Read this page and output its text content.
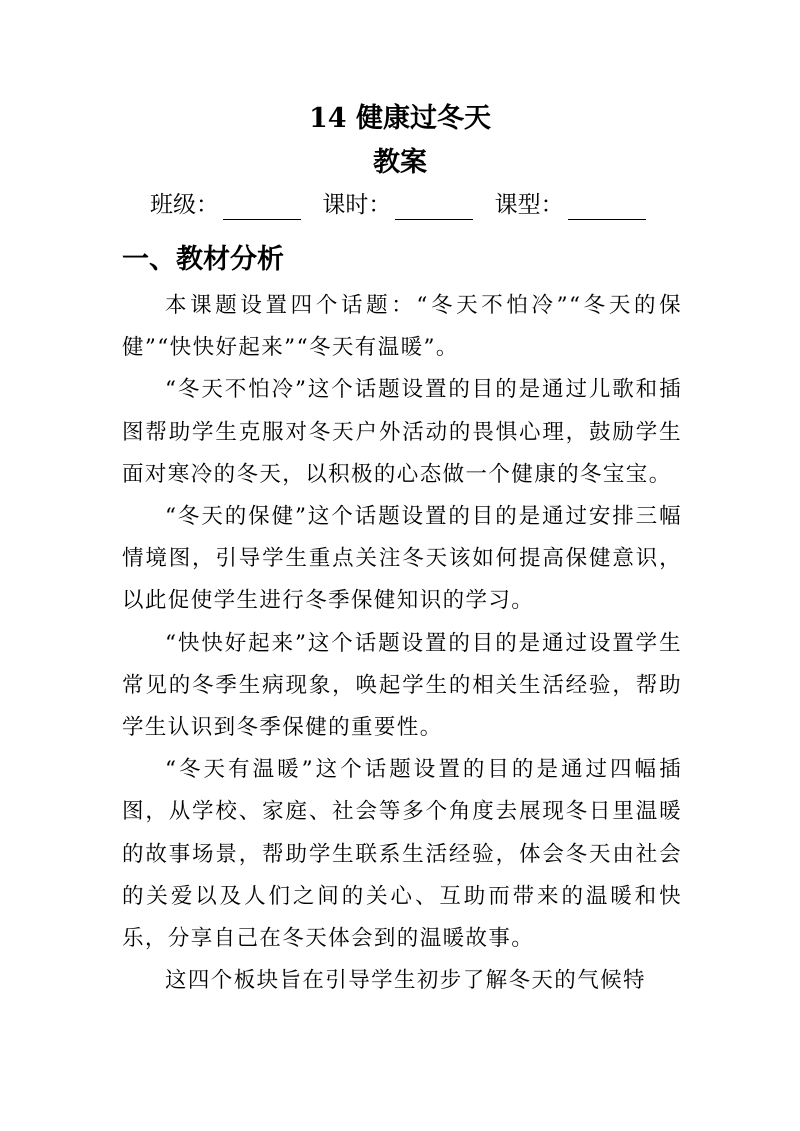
14 健康过冬天
教案
班级：	课时：	课型：
一、教材分析

本课题设置四个话题：“冬天不怕冷”“冬天的保健”“快快好起来”“冬天有温暖”。

“冬天不怕冷”这个话题设置的目的是通过儿歌和插图帮助学生克服对冬天户外活动的畏惧心理，鼓励学生面对寒冷的冬天，以积极的心态做一个健康的冬宝宝。

“冬天的保健”这个话题设置的目的是通过安排三幅情境图，引导学生重点关注冬天该如何提高保健意识，以此促使学生进行冬季保健知识的学习。

“快快好起来”这个话题设置的目的是通过设置学生常见的冬季生病现象，唤起学生的相关生活经验，帮助学生认识到冬季保健的重要性。

“冬天有温暖”这个话题设置的目的是通过四幅插图，从学校、家庭、社会等多个角度去展现冬日里温暖的故事场景，帮助学生联系生活经验，体会冬天由社会的关爱以及人们之间的关心、互助而带来的温暖和快乐，分享自己在冬天体会到的温暖故事。

这四个板块旨在引导学生初步了解冬天的气候特
